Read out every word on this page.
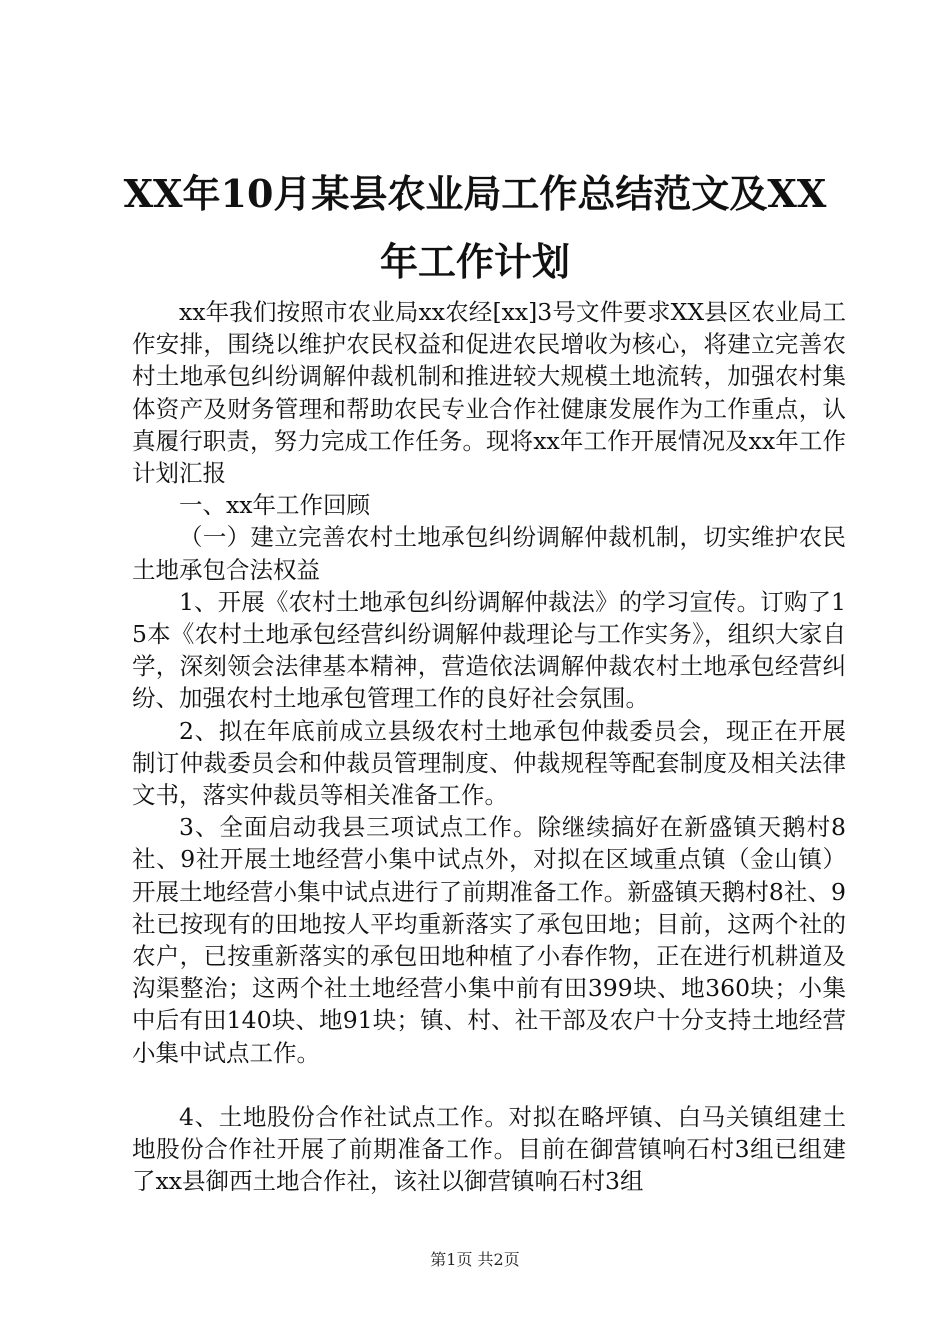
XX年10月某县农业局工作总结范文及XX年工作计划

xx年我们按照市农业局xx农经[xx]3号文件要求XX县区农业局工作安排，围绕以维护农民权益和促进农民增收为核心，将建立完善农村土地承包纠纷调解仲裁机制和推进较大规模土地流转，加强农村集体资产及财务管理和帮助农民专业合作社健康发展作为工作重点，认真履行职责，努力完成工作任务。现将xx年工作开展情况及xx年工作计划汇报

一、xx年工作回顾

（一）建立完善农村土地承包纠纷调解仲裁机制，切实维护农民土地承包合法权益

1、开展《农村土地承包纠纷调解仲裁法》的学习宣传。订购了15本《农村土地承包经营纠纷调解仲裁理论与工作实务》，组织大家自学，深刻领会法律基本精神，营造依法调解仲裁农村土地承包经营纠纷、加强农村土地承包管理工作的良好社会氛围。

2、拟在年底前成立县级农村土地承包仲裁委员会，现正在开展制订仲裁委员会和仲裁员管理制度、仲裁规程等配套制度及相关法律文书，落实仲裁员等相关准备工作。

3、全面启动我县三项试点工作。除继续搞好在新盛镇天鹅村8社、9社开展土地经营小集中试点外，对拟在区域重点镇（金山镇）开展土地经营小集中试点进行了前期准备工作。新盛镇天鹅村8社、9社已按现有的田地按人平均重新落实了承包田地；目前，这两个社的农户，已按重新落实的承包田地种植了小春作物，正在进行机耕道及沟渠整治；这两个社土地经营小集中前有田399块、地360块；小集中后有田140块、地91块；镇、村、社干部及农户十分支持土地经营小集中试点工作。

4、土地股份合作社试点工作。对拟在略坪镇、白马关镇组建土地股份合作社开展了前期准备工作。目前在御营镇响石村3组已组建了xx县御西土地合作社，该社以御营镇响石村3组

第1页 共2页
